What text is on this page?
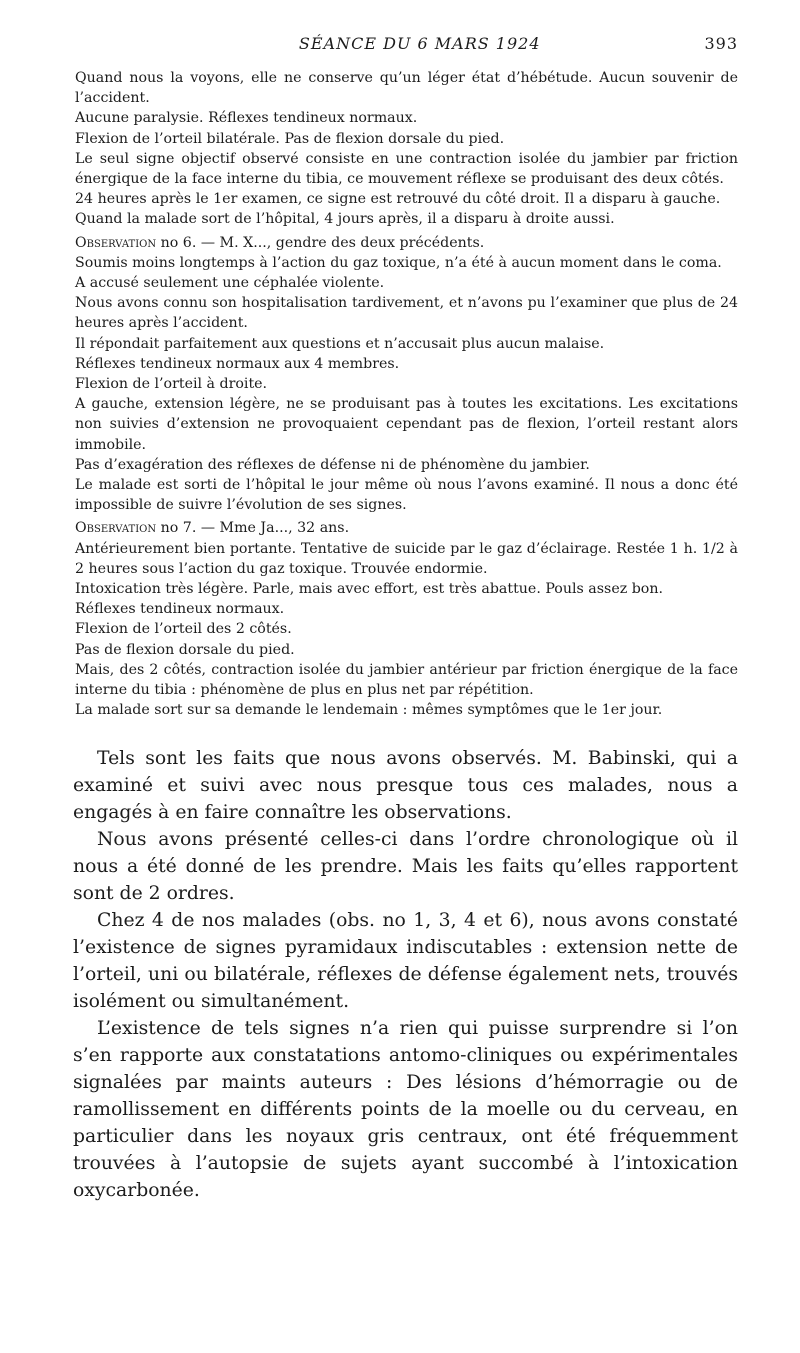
SÉANCE DU 6 MARS 1924	393

Quand nous la voyons, elle ne conserve qu’un léger état d’hébétude. Aucun souvenir de l’accident.

Aucune paralysie. Réflexes tendineux normaux.

Flexion de l’orteil bilatérale. Pas de flexion dorsale du pied.

Le seul signe objectif observé consiste en une contraction isolée du jambier par friction énergique de la face interne du tibia, ce mouvement réflexe se produisant des deux côtés.

24 heures après le 1er examen, ce signe est retrouvé du côté droit. Il a disparu à gauche.

Quand la malade sort de l’hôpital, 4 jours après, il a disparu à droite aussi.

Observation no 6. — M. X..., gendre des deux précédents.

Soumis moins longtemps à l’action du gaz toxique, n’a été à aucun moment dans le coma.

A accusé seulement une céphalée violente.

Nous avons connu son hospitalisation tardivement, et n’avons pu l’examiner que plus de 24 heures après l’accident.

Il répondait parfaitement aux questions et n’accusait plus aucun malaise.

Réflexes tendineux normaux aux 4 membres.

Flexion de l’orteil à droite.

A gauche, extension légère, ne se produisant pas à toutes les excitations. Les excitations non suivies d’extension ne provoquaient cependant pas de flexion, l’orteil restant alors immobile.

Pas d’exagération des réflexes de défense ni de phénomène du jambier.

Le malade est sorti de l’hôpital le jour même où nous l’avons examiné. Il nous a donc été impossible de suivre l’évolution de ses signes.

Observation no 7. — Mme Ja..., 32 ans.

Antérieurement bien portante. Tentative de suicide par le gaz d’éclairage. Restée 1 h. 1/2 à 2 heures sous l’action du gaz toxique. Trouvée endormie.

Intoxication très légère. Parle, mais avec effort, est très abattue. Pouls assez bon.

Réflexes tendineux normaux.

Flexion de l’orteil des 2 côtés.

Pas de flexion dorsale du pied.

Mais, des 2 côtés, contraction isolée du jambier antérieur par friction énergique de la face interne du tibia : phénomène de plus en plus net par répétition.

La malade sort sur sa demande le lendemain : mêmes symptômes que le 1er jour.

Tels sont les faits que nous avons observés. M. Babinski, qui a examiné et suivi avec nous presque tous ces malades, nous a engagés à en faire connaître les observations.

Nous avons présenté celles-ci dans l’ordre chronologique où il nous a été donné de les prendre. Mais les faits qu’elles rapportent sont de 2 ordres.

Chez 4 de nos malades (obs. no 1, 3, 4 et 6), nous avons constaté l’existence de signes pyramidaux indiscutables : extension nette de l’orteil, uni ou bilatérale, réflexes de défense également nets, trouvés isolément ou simultanément.

L’existence de tels signes n’a rien qui puisse surprendre si l’on s’en rapporte aux constatations antomo-cliniques ou expérimentales signalées par maints auteurs : Des lésions d’hémorragie ou de ramollissement en différents points de la moelle ou du cerveau, en particulier dans les noyaux gris centraux, ont été fréquemment trouvées à l’autopsie de sujets ayant succombé à l’intoxication oxycarbonée.
